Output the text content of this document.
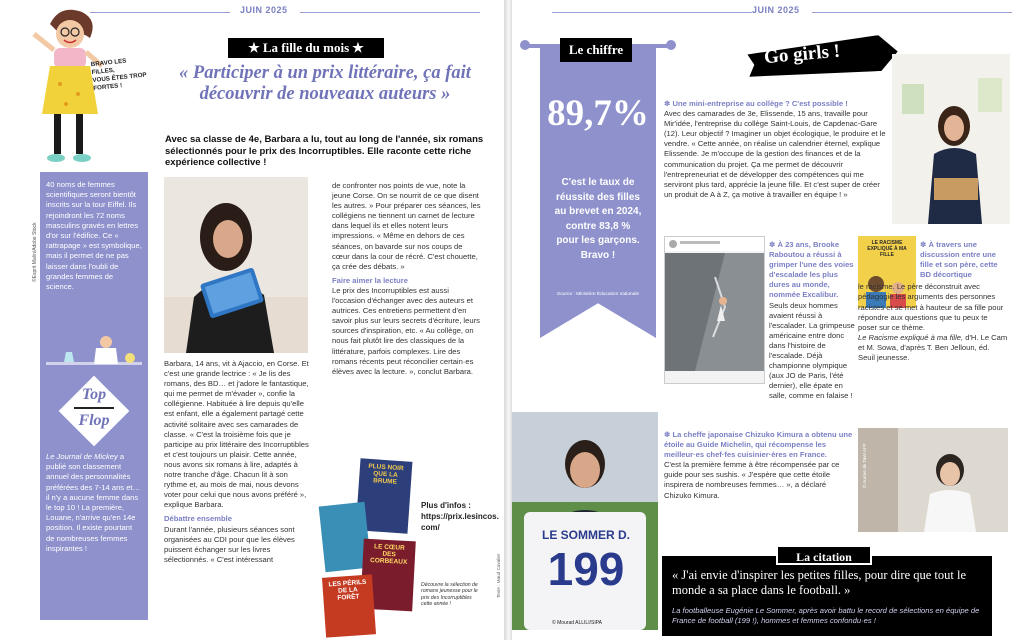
JUIN 2025
BRAVO LES FILLES,
VOUS ÊTES TROP
FORTES !
★ La fille du mois ★
« Participer à un prix littéraire, ça fait découvrir de nouveaux auteurs »
Avec sa classe de 4e, Barbara a lu, tout au long de l'année, six romans sélectionnés pour le prix des Incorruptibles. Elle raconte cette riche expérience collective !
40 noms de femmes scientifiques seront bientôt inscrits sur la tour Eiffel. Ils rejoindront les 72 noms masculins gravés en lettres d'or sur l'édifice. Ce « rattrapage » est symbolique, mais il permet de ne pas laisser dans l'oubli de grandes femmes de science.
©Esprit Malin/Adobe Stock
Top
Flop
Le Journal de Mickey a publié son classement annuel des personnalités préférées des 7-14 ans et… il n'y a aucune femme dans le top 10 ! La première, Louane, n'arrive qu'en 14e position. Il existe pourtant de nombreuses femmes inspirantes !
Barbara, 14 ans, vit à Ajaccio, en Corse. Et c'est une grande lectrice : « Je lis des romans, des BD… et j'adore le fantastique, qui me permet de m'évader », confie la collégienne. Habituée à lire depuis qu'elle est enfant, elle a également partagé cette activité solitaire avec ses camarades de classe. « C'est la troisième fois que je participe au prix littéraire des Incorruptibles et c'est toujours un plaisir. Cette année, nous avons six romans à lire, adaptés à notre tranche d'âge. Chacun lit à son rythme et, au mois de mai, nous devons voter pour celui que nous avons préféré », explique Barbara.
Débattre ensemble
Durant l'année, plusieurs séances sont organisées au CDI pour que les élèves puissent échanger sur les livres sélectionnés. « C'est intéressant
de confronter nos points de vue, note la jeune Corse. On se nourrit de ce que disent les autres. » Pour préparer ces séances, les collégiens ne tiennent un carnet de lecture dans lequel ils et elles notent leurs impressions. « Même en dehors de ces séances, on bavarde sur nos coups de cœur dans la cour de récré. C'est chouette, ça crée des débats. »
Faire aimer la lecture
Le prix des Incorruptibles est aussi l'occasion d'échanger avec des auteurs et autrices. Ces entretiens permettent d'en savoir plus sur leurs secrets d'écriture, leurs sources d'inspiration, etc. « Au collège, on nous fait plutôt lire des classiques de la littérature, parfois complexes. Lire des romans récents peut réconcilier certain·es élèves avec la lecture. », conclut Barbara.
PLUS NOIR QUE LA BRUME
LE CŒUR DES CORBEAUX
LES PÉRILS DE LA FORÊT
Plus d'infos :
https://prix.lesincos.com/
Découvre la sélection de romans jeunesse pour le prix des Incorruptibles cette année !
Texte : Maud Cavalier
JUIN 2025
Le chiffre
89,7%
C'est le taux de réussite des filles au brevet en 2024, contre 83,8 % pour les garçons. Bravo !
Source : Ministère Éducation nationale
Go girls !
✽ Une mini-entreprise au collège ? C'est possible !
Avec des camarades de 3e, Elissende, 15 ans, travaille pour Mir'idée, l'entreprise du collège Saint-Louis, de Capdenac-Gare (12). Leur objectif ? Imaginer un objet écologique, le produire et le vendre. « Cette année, on réalise un calendrier éternel, explique Elissende. Je m'occupe de la gestion des finances et de la communication du projet. Ça me permet de découvrir l'entrepreneuriat et de développer des compétences qui me serviront plus tard, apprécie la jeune fille. Et c'est super de créer un produit de A à Z, ça motive à travailler en équipe ! »
✽ À 23 ans, Brooke Raboutou a réussi à grimper l'une des voies d'escalade les plus dures au monde, nommée Excalibur. Seuls deux hommes avaient réussi à l'escalader. La grimpeuse américaine entre donc dans l'histoire de l'escalade. Déjà championne olympique (aux JO de Paris, l'été dernier), elle épate en salle, comme en falaise !
LE RACISME EXPLIQUÉ À MA FILLE
✽ À travers une discussion entre une fille et son père, cette BD décortique
le racisme. Le père déconstruit avec pédagogie les arguments des personnes racistes et se met à hauteur de sa fille pour répondre aux questions que tu peux te poser sur ce thème.
Le Racisme expliqué à ma fille, d'H. Le Cam et M. Sowa, d'après T. Ben Jelloun, éd. Seuil jeunesse.
✽ La cheffe japonaise Chizuko Kimura a obtenu une étoile au Guide Michelin, qui récompense les meilleur·es chef·fes cuisinier·ères en France.
C'est la première femme à être récompensée par ce guide pour ses sushis. « J'espère que cette étoile inspirera de nombreuses femmes… », a déclaré Chizuko Kimura.
© Aurore de Tinel AFP
LE SOMMER D.
199
© Mourad ALLILI/SIPA
La citation
« J'ai envie d'inspirer les petites filles, pour dire que tout le monde a sa place dans le football. »
La footballeuse Eugénie Le Sommer, après avoir battu le record de sélections en équipe de France de football (199 !), hommes et femmes confondu·es !
